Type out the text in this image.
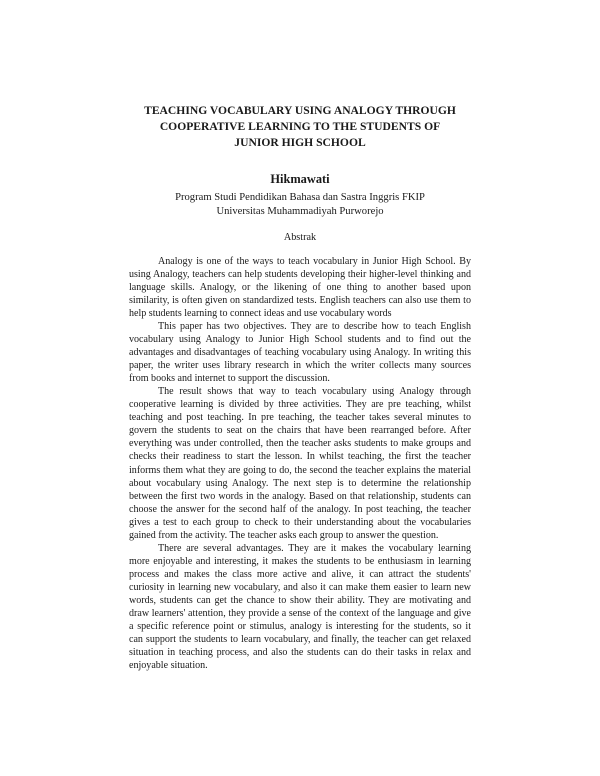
TEACHING VOCABULARY USING ANALOGY THROUGH
COOPERATIVE LEARNING TO THE STUDENTS OF
JUNIOR HIGH SCHOOL
Hikmawati
Program Studi Pendidikan Bahasa dan Sastra Inggris FKIP
Universitas Muhammadiyah Purworejo
Abstrak

Analogy is one of the ways to teach vocabulary in Junior High School. By using Analogy, teachers can help students developing their higher-level thinking and language skills. Analogy, or the likening of one thing to another based upon similarity, is often given on standardized tests. English teachers can also use them to help students learning to connect ideas and use vocabulary words

This paper has two objectives. They are to describe how to teach English vocabulary using Analogy to Junior High School students and to find out the advantages and disadvantages of teaching vocabulary using Analogy. In writing this paper, the writer uses library research in which the writer collects many sources from books and internet to support the discussion.

The result shows that way to teach vocabulary using Analogy through cooperative learning is divided by three activities. They are pre teaching, whilst teaching and post teaching. In pre teaching, the teacher takes several minutes to govern the students to seat on the chairs that have been rearranged before. After everything was under controlled, then the teacher asks students to make groups and checks their readiness to start the lesson. In whilst teaching, the first the teacher informs them what they are going to do, the second the teacher explains the material about vocabulary using Analogy. The next step is to determine the relationship between the first two words in the analogy. Based on that relationship, students can choose the answer for the second half of the analogy. In post teaching, the teacher gives a test to each group to check to their understanding about the vocabularies gained from the activity. The teacher asks each group to answer the question.

There are several advantages. They are it makes the vocabulary learning more enjoyable and interesting, it makes the students to be enthusiasm in learning process and makes the class more active and alive, it can attract the students' curiosity in learning new vocabulary, and also it can make them easier to learn new words, students can get the chance to show their ability. They are motivating and draw learners' attention, they provide a sense of the context of the language and give a specific reference point or stimulus, analogy is interesting for the students, so it can support the students to learn vocabulary, and finally, the teacher can get relaxed situation in teaching process, and also the students can do their tasks in relax and enjoyable situation.
